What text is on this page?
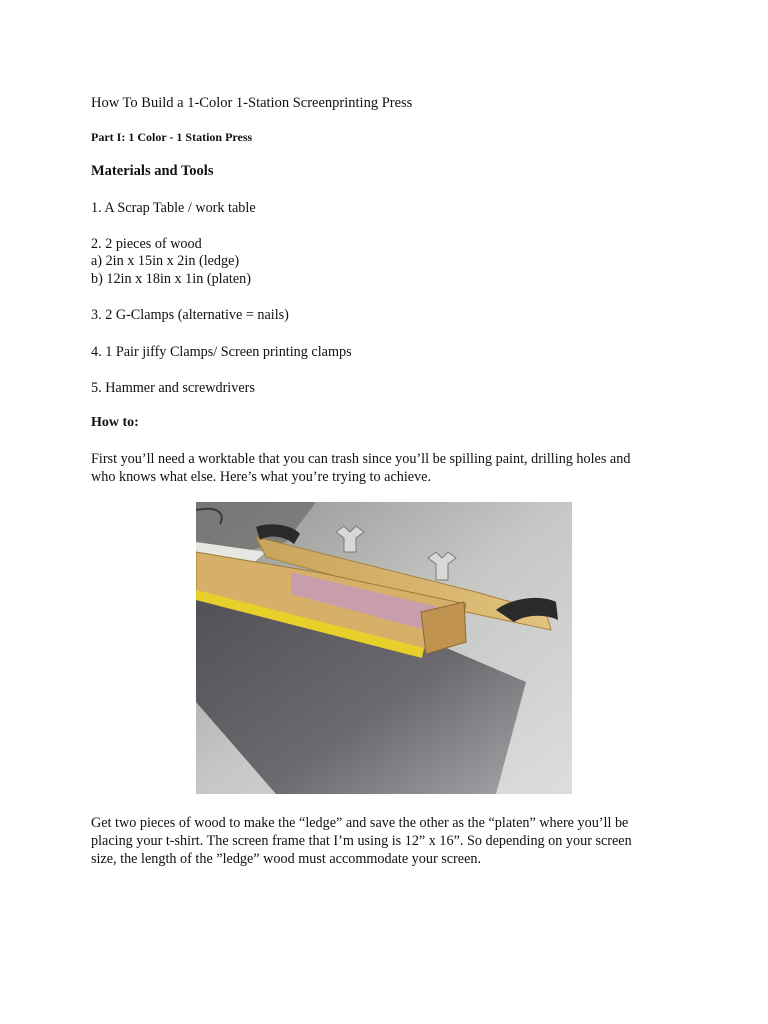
How To Build a 1-Color 1-Station Screenprinting Press
Part I: 1 Color - 1 Station Press
Materials and Tools
1. A Scrap Table / work table
2. 2 pieces of wood
a) 2in x 15in x 2in (ledge)
b) 12in x 18in x 1in (platen)
3. 2 G-Clamps (alternative = nails)
4. 1 Pair jiffy Clamps/ Screen printing clamps
5. Hammer and screwdrivers
How to:
First you’ll need a worktable that you can trash since you’ll be spilling paint, drilling holes and
who knows what else. Here’s what you’re trying to achieve.
Get two pieces of wood to make the “ledge” and save the other as the “platen” where you’ll be
placing your t-shirt. The screen frame that I’m using is 12” x 16”. So depending on your screen
size, the length of the ”ledge” wood must accommodate your screen.
